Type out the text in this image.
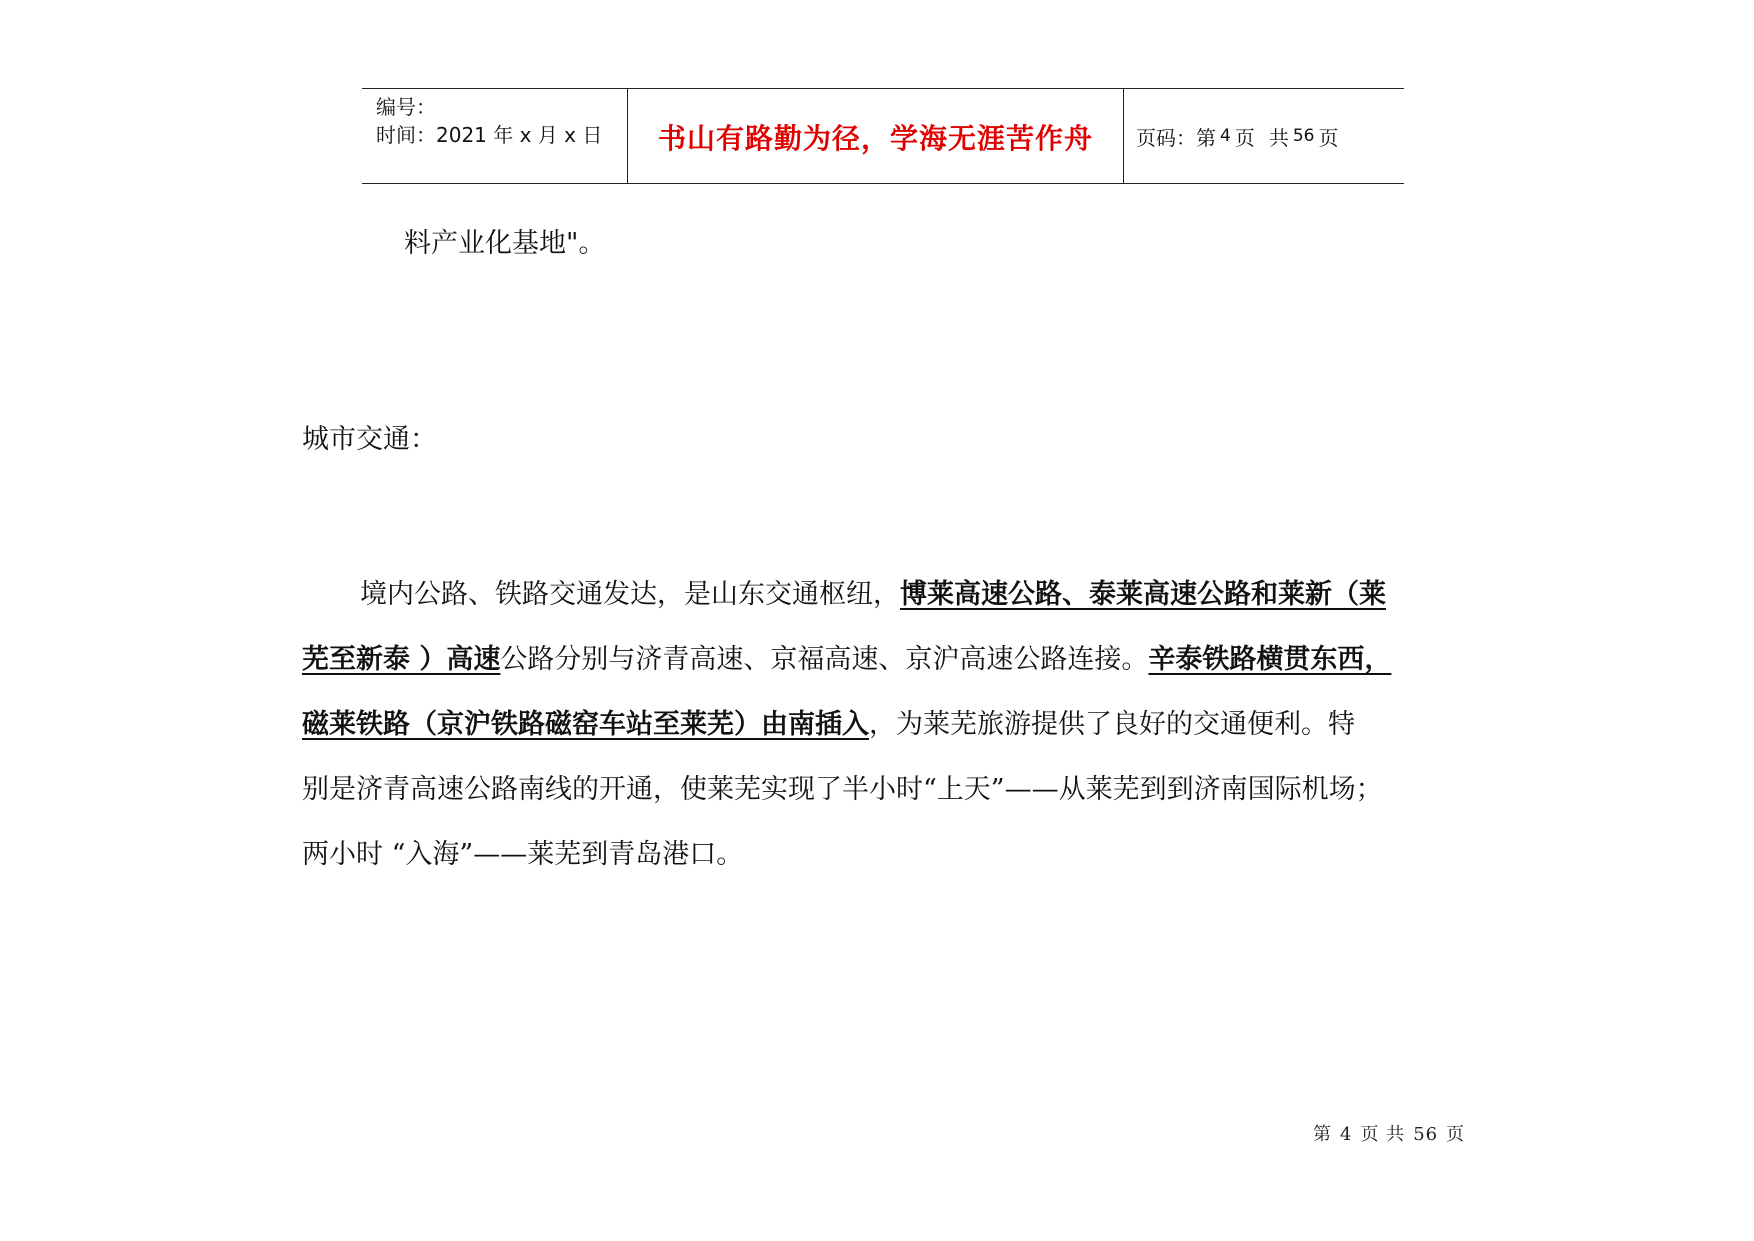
编号：
时间：2021 年 x 月 x 日	书山有路勤为径，学海无涯苦作舟 页码：第 4 页 共 56 页
料产业化基地"。
城市交通：
境内公路、铁路交通发达，是山东交通枢纽，博莱高速公路、泰莱高速公路和莱新（莱
芜至新泰 ）高速公路分别与济青高速、京福高速、京沪高速公路连接。辛泰铁路横贯东西，
磁莱铁路（京沪铁路磁窑车站至莱芜）由南插入，为莱芜旅游提供了良好的交通便利。特
别是济青高速公路南线的开通，使莱芜实现了半小时“上天”——从莱芜到到济南国际机场；
两小时 “入海”——莱芜到青岛港口。
第 4 页 共 56 页
